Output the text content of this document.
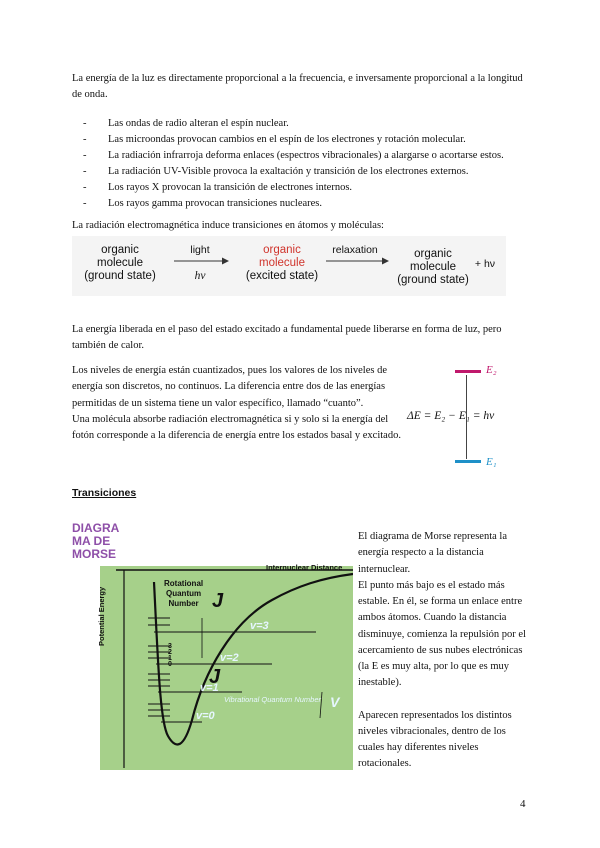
La energía de la luz es directamente proporcional a la frecuencia, e inversamente proporcional a la longitud de onda.

- Las ondas de radio alteran el espín nuclear.
- Las microondas provocan cambios en el espín de los electrones y rotación molecular.
- La radiación infrarroja deforma enlaces (espectros vibracionales) a alargarse o acortarse estos.
- La radiación UV-Visible provoca la exaltación y transición de los electrones externos.
- Los rayos X provocan la transición de electrones internos.
- Los rayos gamma provocan transiciones nucleares.

La radiación electromagnética induce transiciones en átomos y moléculas:

organic
molecule
(ground state)
light
hν
organic
molecule
(excited state)
relaxation	organic
molecule
(ground state)
+ hν

La energía liberada en el paso del estado excitado a fundamental puede liberarse en forma de luz, pero también de calor.

Los niveles de energía están cuantizados, pues los valores de los niveles de energía son discretos, no continuos. La diferencia entre dos de las energías permitidas de un sistema tiene un valor específico, llamado “cuanto”.

Una molécula absorbe radiación electromagnética si y solo si la energía del fotón corresponde a la diferencia de energía entre los estados basal y excitado.

E₂
ΔE = E₂ − E₁ = hν
E₁
Transiciones
DIAGRA
MA DE
MORSE
Internuclear Distance
Potential Energy
Rotational
Quantum
Number J
v=3
v=2
v=1
v=0
J
Vibrational Quantum Number V
3
2
1
0

El diagrama de Morse representa la energía respecto a la distancia internuclear.

El punto más bajo es el estado más estable. En él, se forma un enlace entre ambos átomos. Cuando la distancia disminuye, comienza la repulsión por el acercamiento de sus nubes electrónicas (la E es muy alta, por lo que es muy inestable).

Aparecen representados los distintos niveles vibracionales, dentro de los cuales hay diferentes niveles rotacionales.

4
